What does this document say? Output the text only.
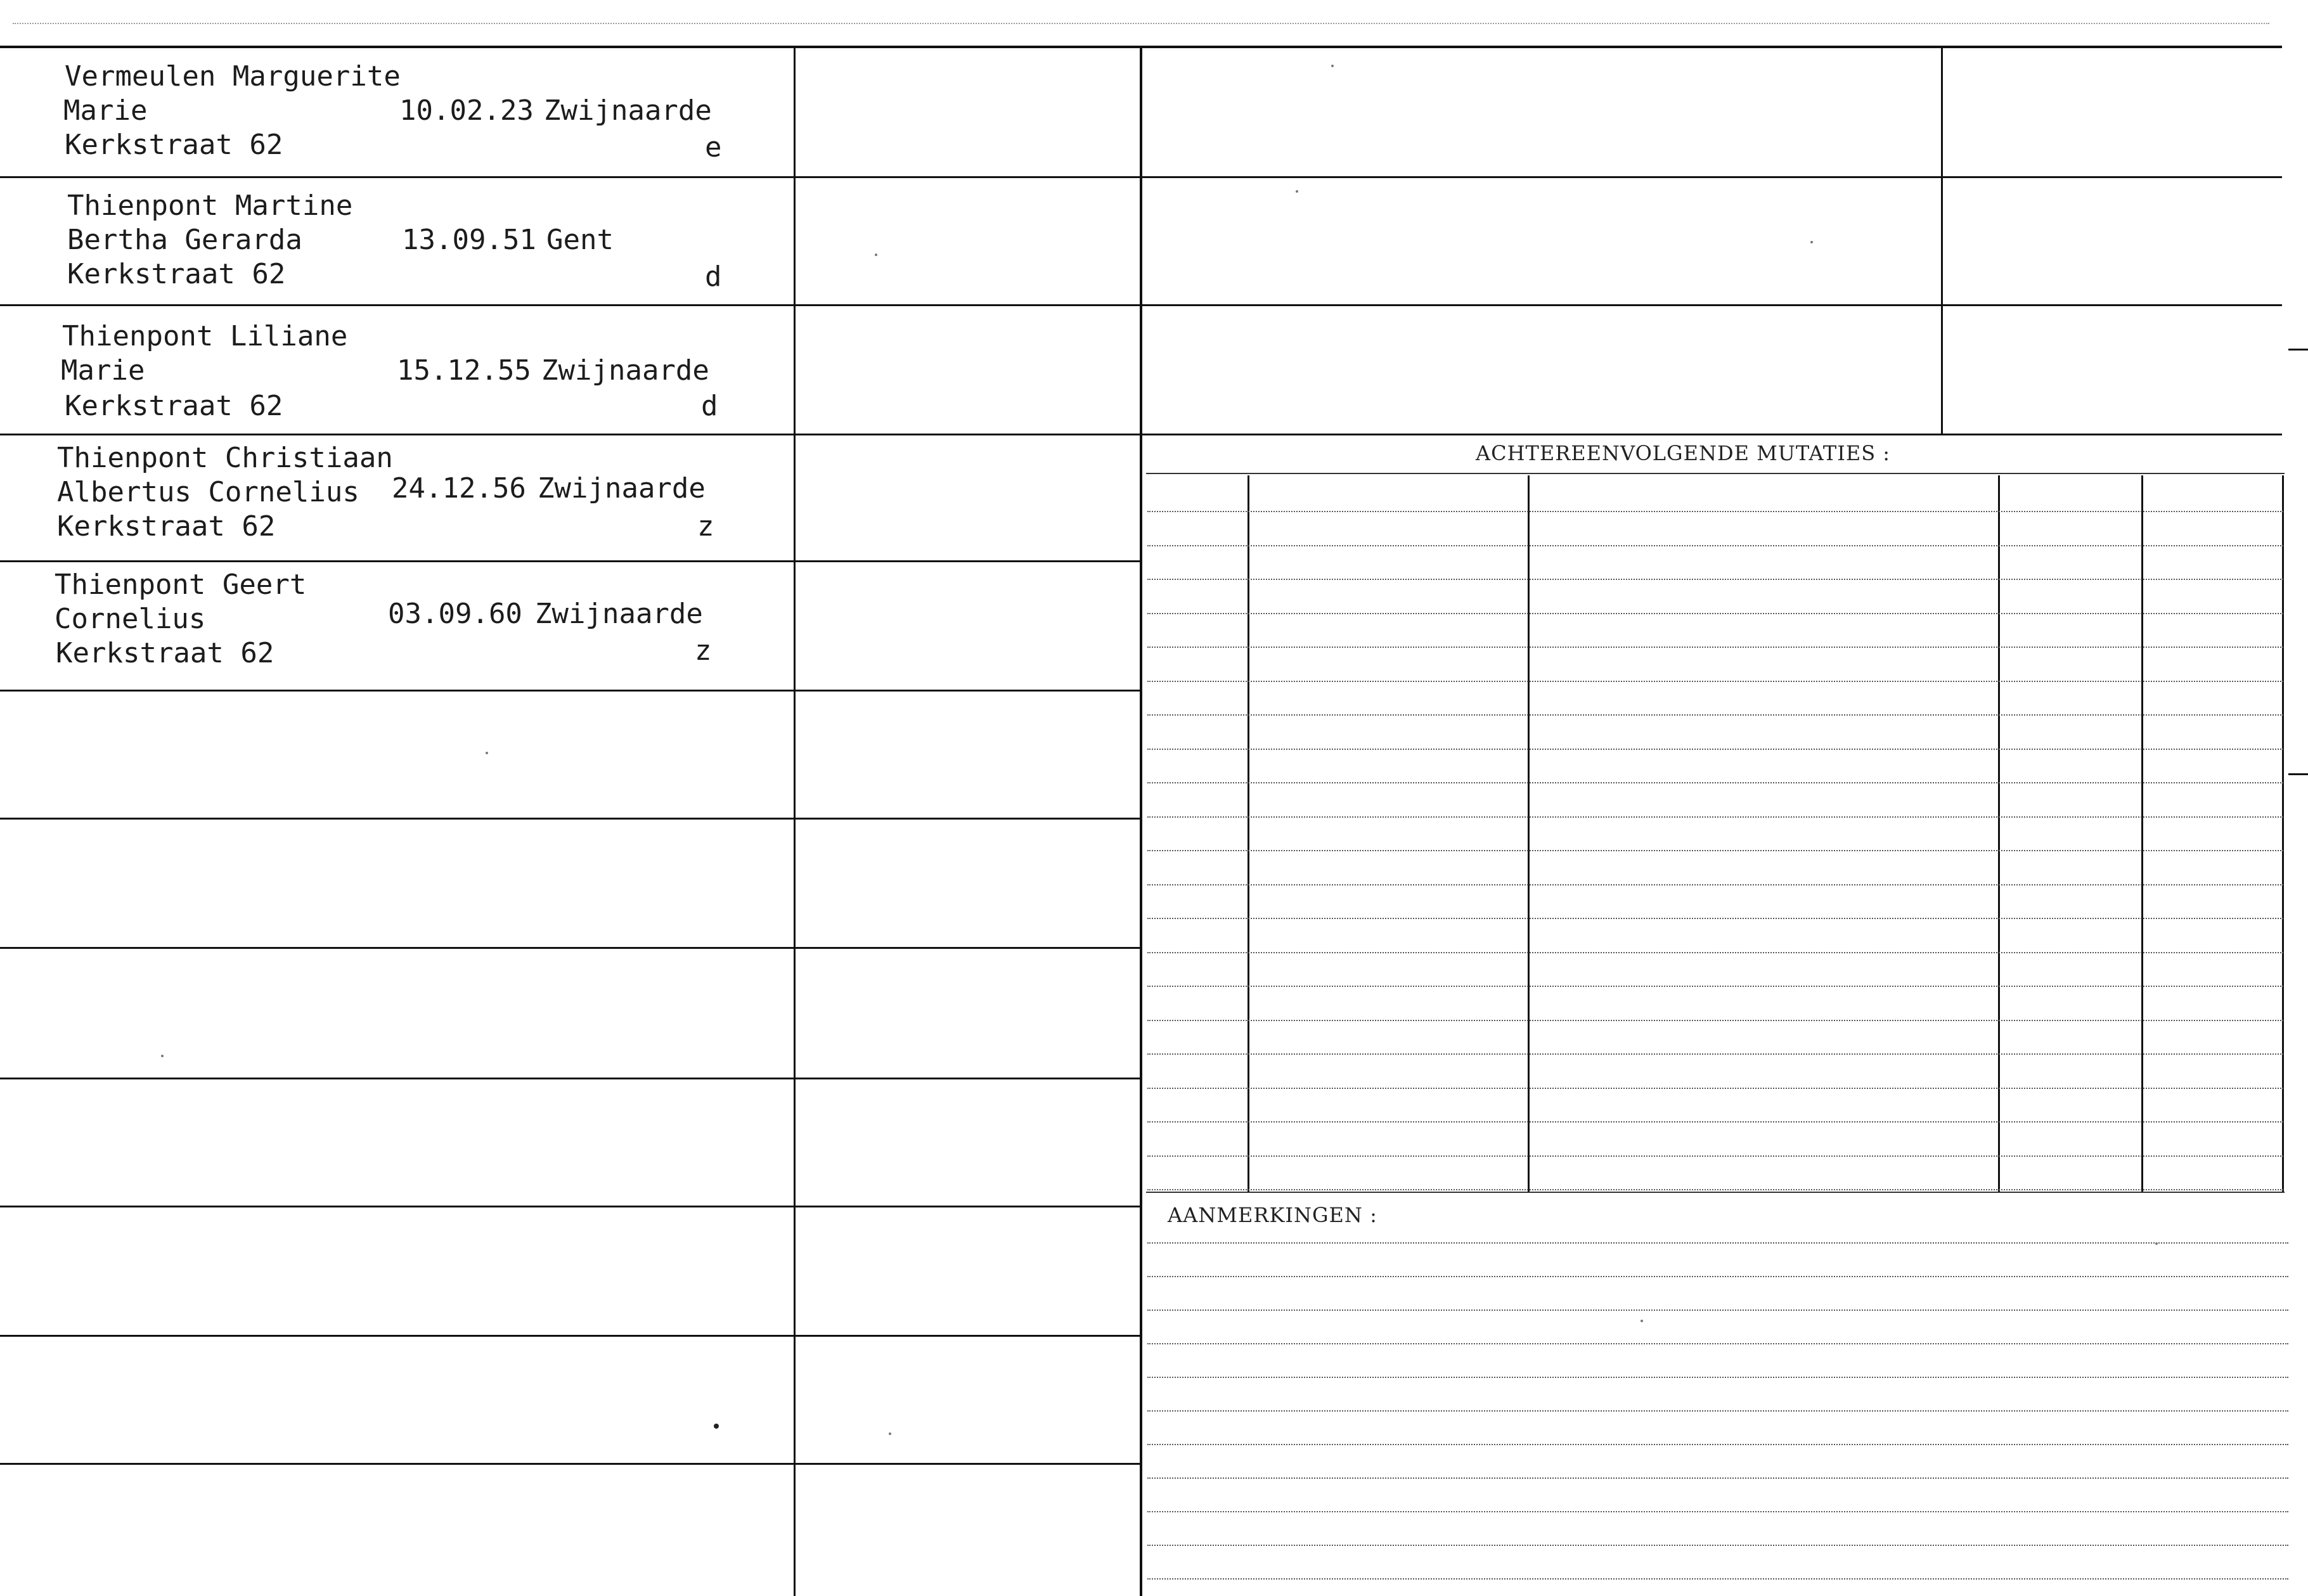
ACHTEREENVOLGENDE MUTATIES :
AANMERKINGEN :
Vermeulen Marguerite
Marie
Kerkstraat 62
10.02.23 Zwijnaarde
e
Thienpont Martine
Bertha Gerarda
Kerkstraat 62
13.09.51 Gent
d
Thienpont Liliane
Marie
Kerkstraat 62
15.12.55 Zwijnaarde
d
Thienpont Christiaan
Albertus Cornelius
Kerkstraat 62
24.12.56 Zwijnaarde
z
Thienpont Geert
Cornelius
Kerkstraat 62
03.09.60 Zwijnaarde
z
